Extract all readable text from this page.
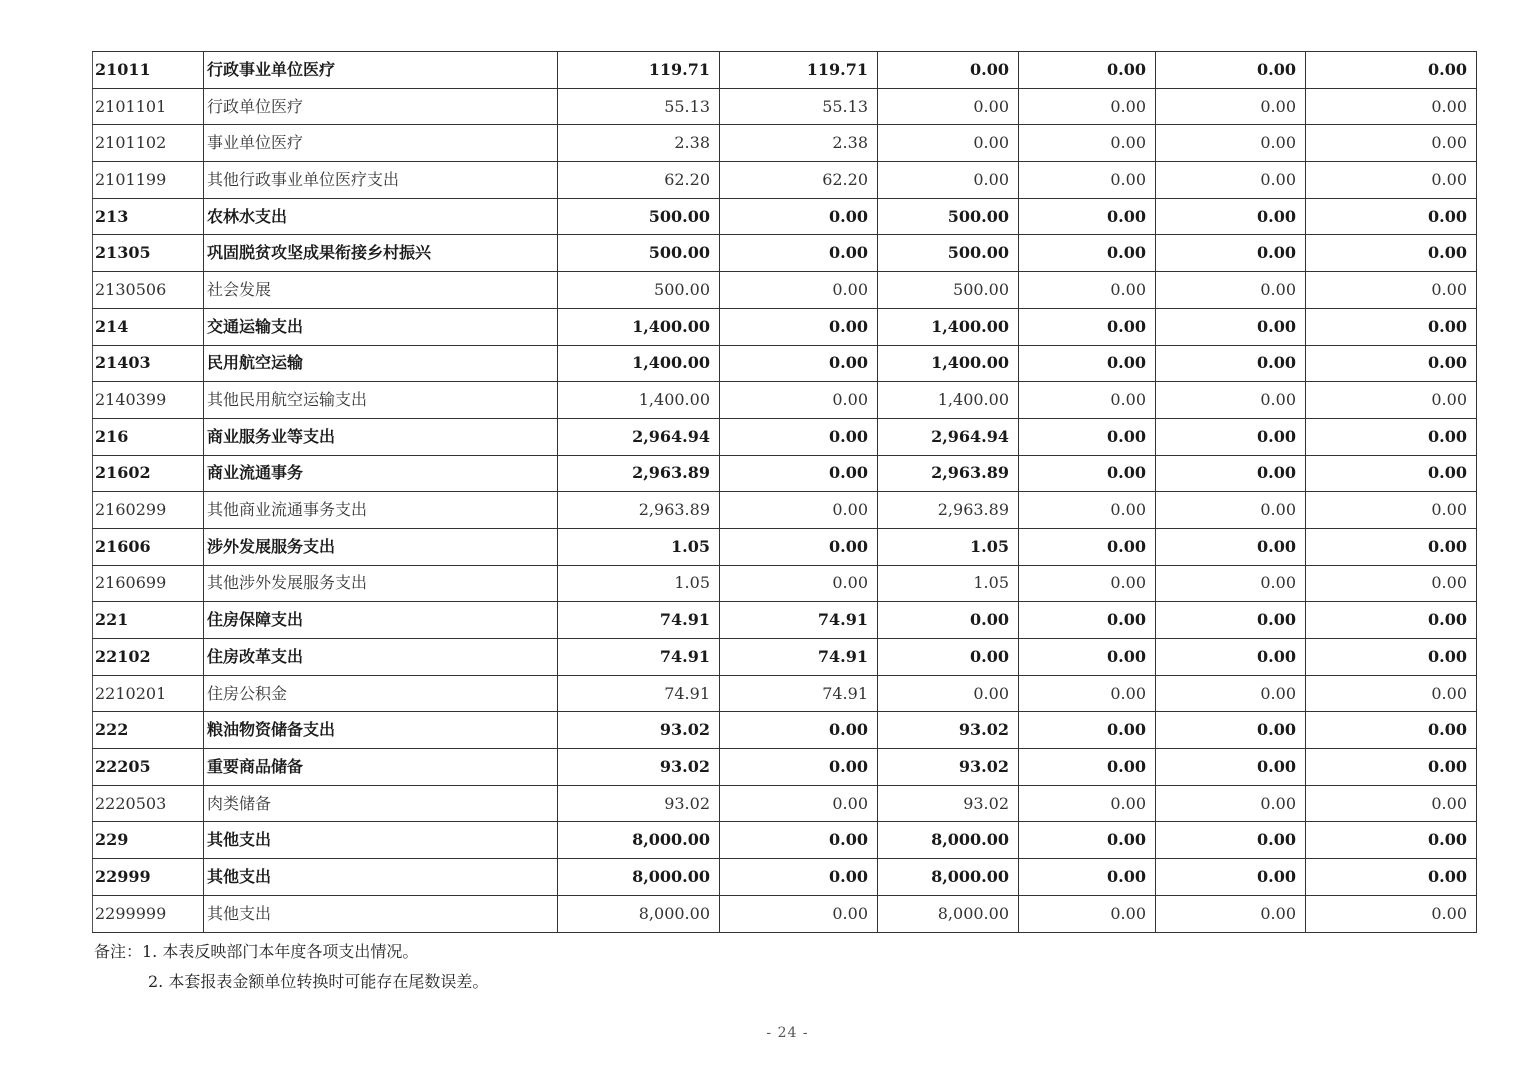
21011	行政事业单位医疗	119.71	119.71	0.00	0.00	0.00	0.00
2101101	行政单位医疗	55.13	55.13	0.00	0.00	0.00	0.00
2101102	事业单位医疗	2.38	2.38	0.00	0.00	0.00	0.00
2101199	其他行政事业单位医疗支出	62.20	62.20	0.00	0.00	0.00	0.00
213	农林水支出	500.00	0.00	500.00	0.00	0.00	0.00
21305	巩固脱贫攻坚成果衔接乡村振兴	500.00	0.00	500.00	0.00	0.00	0.00
2130506	社会发展	500.00	0.00	500.00	0.00	0.00	0.00
214	交通运输支出	1,400.00	0.00	1,400.00	0.00	0.00	0.00
21403	民用航空运输	1,400.00	0.00	1,400.00	0.00	0.00	0.00
2140399	其他民用航空运输支出	1,400.00	0.00	1,400.00	0.00	0.00	0.00
216	商业服务业等支出	2,964.94	0.00	2,964.94	0.00	0.00	0.00
21602	商业流通事务	2,963.89	0.00	2,963.89	0.00	0.00	0.00
2160299	其他商业流通事务支出	2,963.89	0.00	2,963.89	0.00	0.00	0.00
21606	涉外发展服务支出	1.05	0.00	1.05	0.00	0.00	0.00
2160699	其他涉外发展服务支出	1.05	0.00	1.05	0.00	0.00	0.00
221	住房保障支出	74.91	74.91	0.00	0.00	0.00	0.00
22102	住房改革支出	74.91	74.91	0.00	0.00	0.00	0.00
2210201	住房公积金	74.91	74.91	0.00	0.00	0.00	0.00
222	粮油物资储备支出	93.02	0.00	93.02	0.00	0.00	0.00
22205	重要商品储备	93.02	0.00	93.02	0.00	0.00	0.00
2220503	肉类储备	93.02	0.00	93.02	0.00	0.00	0.00
229	其他支出	8,000.00	0.00	8,000.00	0.00	0.00	0.00
22999	其他支出	8,000.00	0.00	8,000.00	0.00	0.00	0.00
2299999	其他支出	8,000.00	0.00	8,000.00	0.00	0.00	0.00
备注：1. 本表反映部门本年度各项支出情况。
2. 本套报表金额单位转换时可能存在尾数误差。
- 24 -
